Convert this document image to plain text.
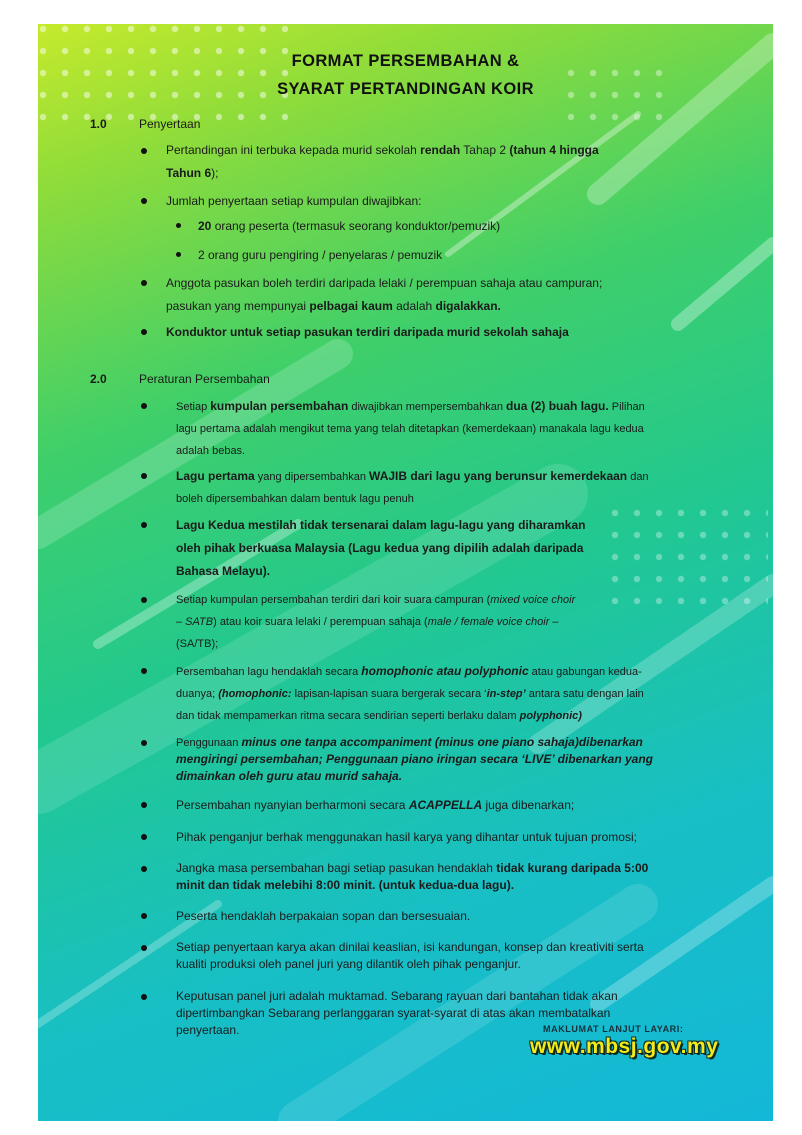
FORMAT PERSEMBAHAN &
SYARAT PERTANDINGAN KOIR
1.0	Penyertaan
Pertandingan ini terbuka kepada murid sekolah rendah Tahap 2 (tahun 4 hingga
Tahun 6);
Jumlah penyertaan setiap kumpulan diwajibkan:
20 orang peserta (termasuk seorang konduktor/pemuzik)
2 orang guru pengiring / penyelaras / pemuzik
Anggota pasukan boleh terdiri daripada lelaki / perempuan sahaja atau campuran;
pasukan yang mempunyai pelbagai kaum adalah digalakkan.
Konduktor untuk setiap pasukan terdiri daripada murid sekolah sahaja
2.0	Peraturan Persembahan
Setiap kumpulan persembahan diwajibkan mempersembahkan dua (2) buah lagu. Pilihan
lagu pertama adalah mengikut tema yang telah ditetapkan (kemerdekaan) manakala lagu kedua
adalah bebas.
Lagu pertama yang dipersembahkan WAJIB dari lagu yang berunsur kemerdekaan dan
boleh dipersembahkan dalam bentuk lagu penuh
Lagu Kedua mestilah tidak tersenarai dalam lagu-lagu yang diharamkan
oleh pihak berkuasa Malaysia (Lagu kedua yang dipilih adalah daripada
Bahasa Melayu).
Setiap kumpulan persembahan terdiri dari koir suara campuran (mixed voice choir
– SATB) atau koir suara lelaki / perempuan sahaja (male / female voice choir –
(SA/TB);
Persembahan lagu hendaklah secara homophonic atau polyphonic atau gabungan kedua-
duanya; (homophonic: lapisan-lapisan suara bergerak secara ‘in-step’ antara satu dengan lain
dan tidak mempamerkan ritma secara sendirian seperti berlaku dalam polyphonic)
Penggunaan minus one tanpa accompaniment (minus one piano sahaja)dibenarkan
mengiringi persembahan; Penggunaan piano iringan secara ‘LIVE’ dibenarkan yang
dimainkan oleh guru atau murid sahaja.
Persembahan nyanyian berharmoni secara ACAPPELLA juga dibenarkan;
Pihak penganjur berhak menggunakan hasil karya yang dihantar untuk tujuan promosi;
Jangka masa persembahan bagi setiap pasukan hendaklah tidak kurang daripada 5:00
minit dan tidak melebihi 8:00 minit. (untuk kedua-dua lagu).
Peserta hendaklah berpakaian sopan dan bersesuaian.
Setiap penyertaan karya akan dinilai keaslian, isi kandungan, konsep dan kreativiti serta
kualiti produksi oleh panel juri yang dilantik oleh pihak penganjur.
Keputusan panel juri adalah muktamad. Sebarang rayuan dari bantahan tidak akan
dipertimbangkan Sebarang perlanggaran syarat-syarat di atas akan membatalkan
penyertaan.	MAKLUMAT LANJUT LAYARI:
www.mbsj.gov.my
